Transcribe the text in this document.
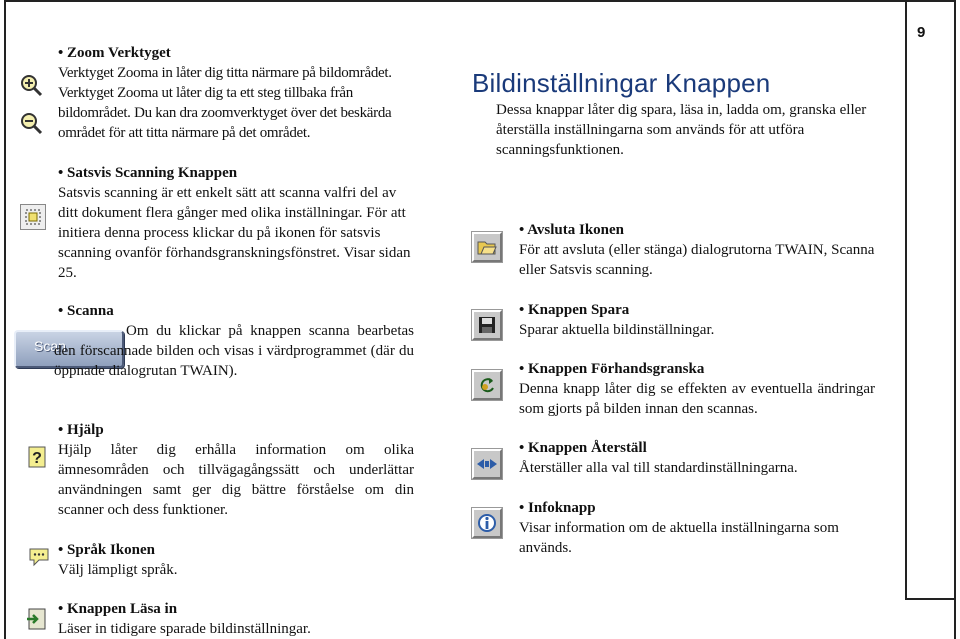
9
• Zoom Verktyget
Verktyget Zooma in låter dig titta närmare på bildområdet. Verktyget Zooma ut låter dig ta ett steg tillbaka från bildområdet. Du kan dra zoomverktyget över det beskärda området för att titta närmare på det området.
• Satsvis Scanning Knappen
Satsvis scanning är ett enkelt sätt att scanna valfri del av ditt dokument flera gånger med olika inställningar. För att initiera denna process klickar du på ikonen för satsvis scanning ovanför förhandsgranskningsfönstret. Visar sidan 25.
Scan
• Scanna
Om du klickar på knappen scanna bearbetas den förscannade bilden och visas i värdprogrammet (där du öppnade dialogrutan TWAIN).
?
• Hjälp
Hjälp låter dig erhålla information om olika ämnesområden och tillvägagångssätt och underlättar användningen samt ger dig bättre förståelse om din scanner och dess funktioner.
• Språk Ikonen
Välj lämpligt språk.
• Knappen Läsa in
Läser in tidigare sparade bildinställningar.
Bildinställningar Knappen
Dessa knappar låter dig spara, läsa in, ladda om, granska eller återställa inställningarna som används för att utföra scanningsfunktionen.
• Avsluta Ikonen
För att avsluta (eller stänga) dialogrutorna TWAIN, Scanna eller Satsvis scanning.
• Knappen Spara
Sparar aktuella bildinställningar.
• Knappen Förhandsgranska
Denna knapp låter dig se effekten av eventuella ändringar som gjorts på bilden innan den scannas.
• Knappen Återställ
Återställer alla val till standardinställningarna.
• Infoknapp
Visar information om de aktuella inställningarna som används.
